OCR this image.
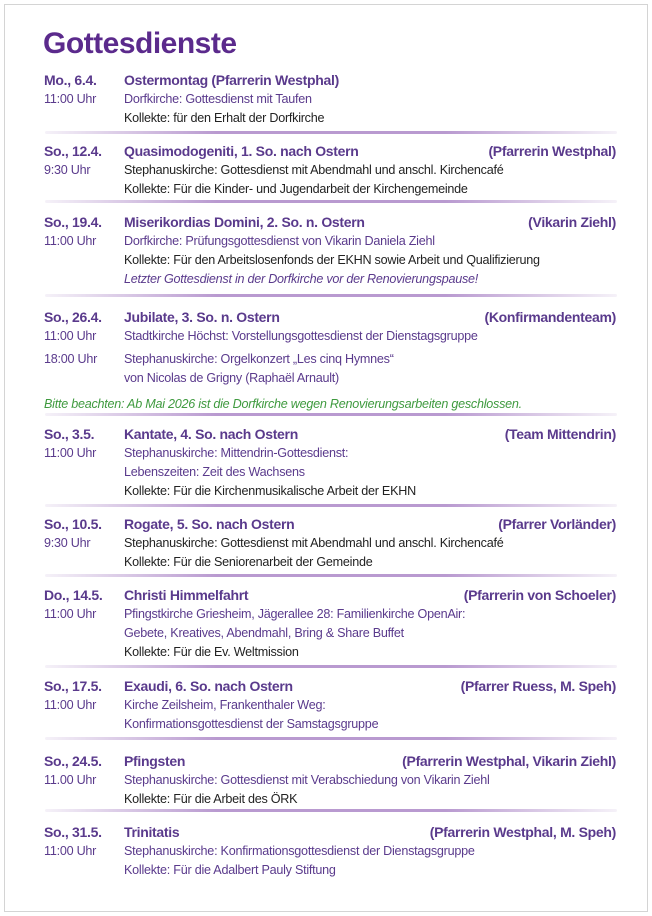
Gottesdienste
Mo., 6.4. Ostermontag (Pfarrerin Westphal)
11:00 Uhr Dorfkirche: Gottesdienst mit Taufen
Kollekte: für den Erhalt der Dorfkirche
So., 12.4. Quasimodogeniti, 1. So. nach Ostern	(Pfarrerin Westphal)
9:30 Uhr	Stephanuskirche: Gottesdienst mit Abendmahl und anschl. Kirchencafé
Kollekte: Für die Kinder- und Jugendarbeit der Kirchengemeinde
So., 19.4. Miserikordias Domini, 2. So. n. Ostern	(Vikarin Ziehl)
11:00 Uhr Dorfkirche: Prüfungsgottesdienst von Vikarin Daniela Ziehl
Kollekte: Für den Arbeitslosenfonds der EKHN sowie Arbeit und Qualifizierung
Letzter Gottesdienst in der Dorfkirche vor der Renovierungspause!
So., 26.4. Jubilate, 3. So. n. Ostern	(Konfirmandenteam)
11:00 Uhr Stadtkirche Höchst: Vorstellungsgottesdienst der Dienstagsgruppe
18:00 Uhr Stephanuskirche: Orgelkonzert „Les cinq Hymnes“
von Nicolas de Grigny (Raphaël Arnault)
So., 3.5. Kantate, 4. So. nach Ostern	(Team Mittendrin)
11:00 Uhr Stephanuskirche: Mittendrin-Gottesdienst:
Lebenszeiten: Zeit des Wachsens
Kollekte: Für die Kirchenmusikalische Arbeit der EKHN
So., 10.5. Rogate, 5. So. nach Ostern	(Pfarrer Vorländer)
9:30 Uhr	Stephanuskirche: Gottesdienst mit Abendmahl und anschl. Kirchencafé
Kollekte: Für die Seniorenarbeit der Gemeinde
Do., 14.5. Christi Himmelfahrt	(Pfarrerin von Schoeler)
11:00 Uhr Pfingstkirche Griesheim, Jägerallee 28: Familienkirche OpenAir:
Gebete, Kreatives, Abendmahl, Bring & Share Buffet
Kollekte: Für die Ev. Weltmission
So., 17.5. Exaudi, 6. So. nach Ostern	(Pfarrer Ruess, M. Speh)
11:00 Uhr Kirche Zeilsheim, Frankenthaler Weg:
Konfirmationsgottesdienst der Samstagsgruppe
So., 24.5. Pfingsten	(Pfarrerin Westphal, Vikarin Ziehl)
11.00 Uhr Stephanuskirche: Gottesdienst mit Verabschiedung von Vikarin Ziehl
Kollekte: Für die Arbeit des ÖRK
So., 31.5. Trinitatis	(Pfarrerin Westphal, M. Speh)
11:00 Uhr Stephanuskirche: Konfirmationsgottesdienst der Dienstagsgruppe
Kollekte: Für die Adalbert Pauly Stiftung
Bitte beachten: Ab Mai 2026 ist die Dorfkirche wegen Renovierungsarbeiten geschlossen.
